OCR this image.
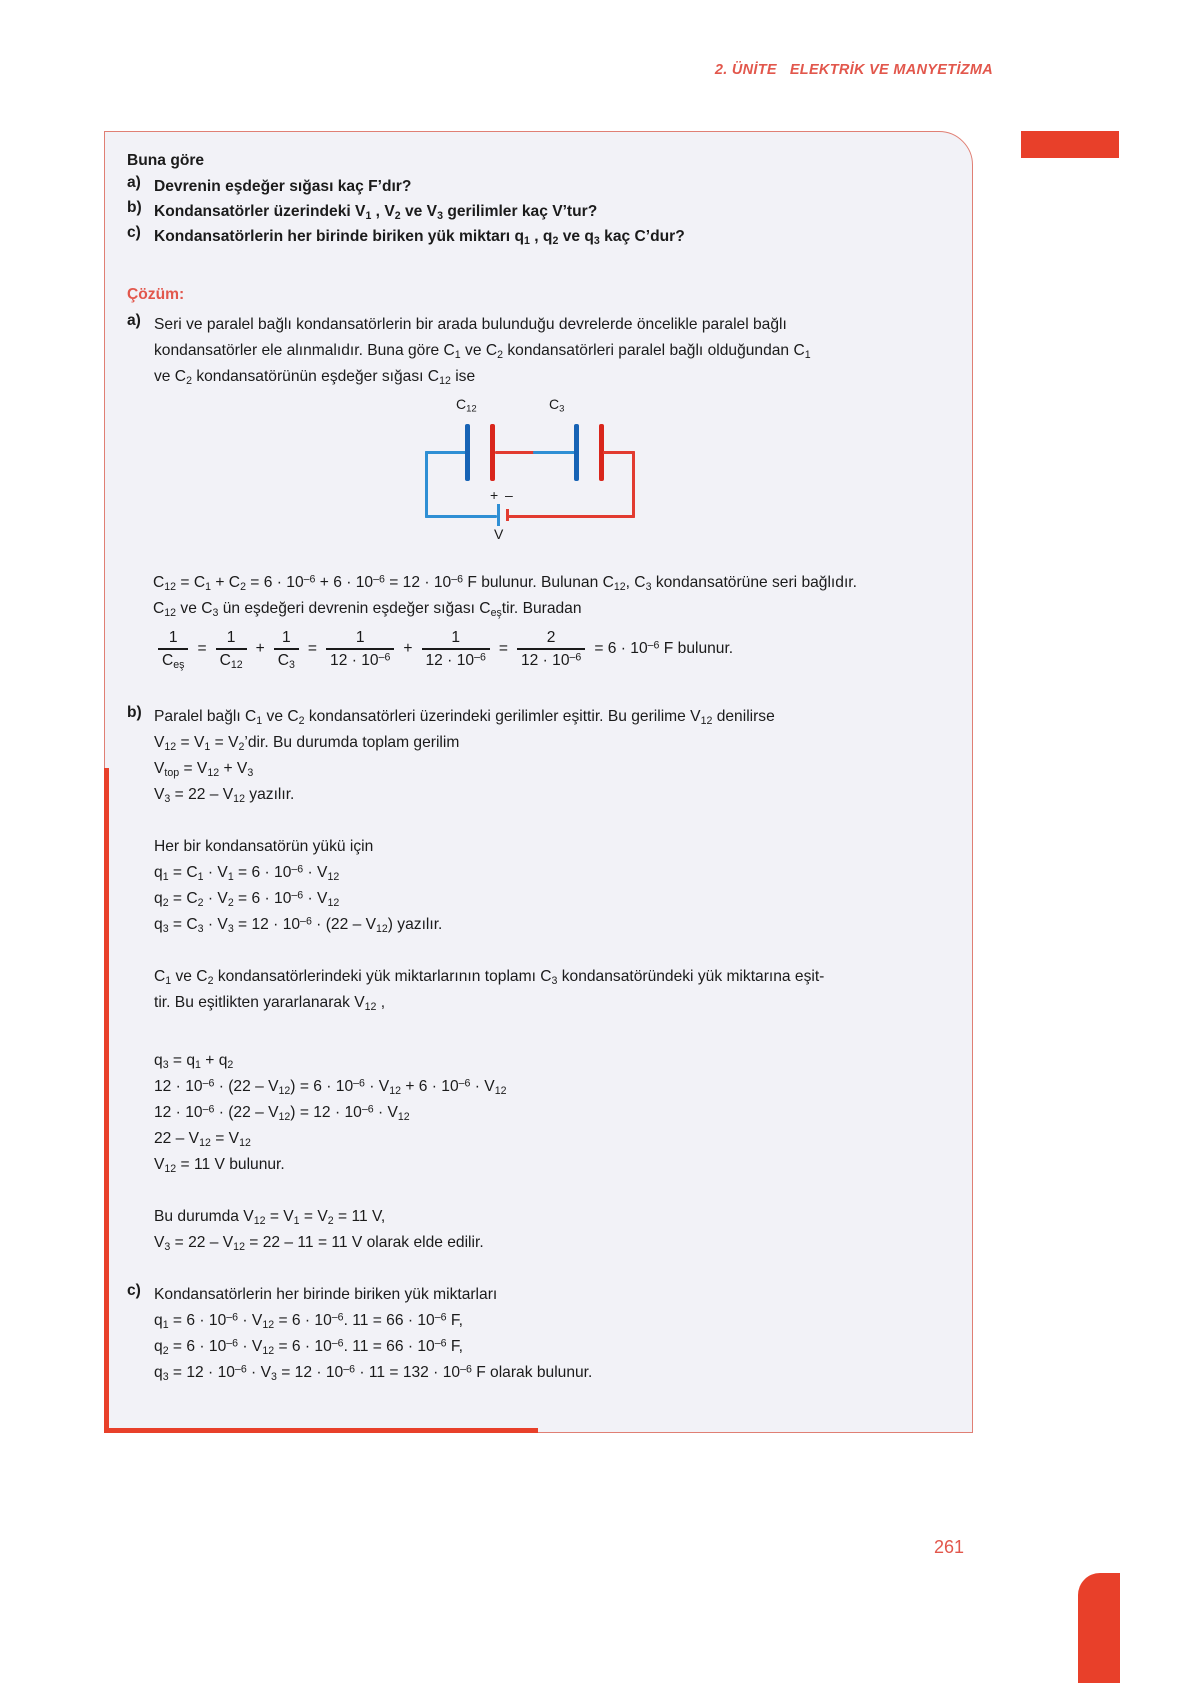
2. ÜNİTE   ELEKTRİK VE MANYETİZMA
Buna göre
a) Devrenin eşdeğer sığası kaç F’dır?
b) Kondansatörler üzerindeki $V_1$ , $V_2$ ve $V_3$ gerilimler kaç V’tur?
c) Kondansatörlerin her birinde biriken yük miktarı $q_1$ , $q_2$ ve $q_3$ kaç C’dur?
Çözüm:
a) Seri ve paralel bağlı kondansatörlerin bir arada bulunduğu devrelerde öncelikle paralel bağlı
kondansatörler ele alınmalıdır. Buna göre $C_1$ ve $C_2$ kondansatörleri paralel bağlı olduğundan $C_1$
ve $C_2$ kondansatörünün eşdeğer sığası $C_{12}$ ise
$C_{12}$	$C_3$
+ –
V
$C_{12} = C_1 + C_2 = 6 \cdot 10^{-6} + 6 \cdot 10^{-6} = 12 \cdot 10^{-6}$ F bulunur. Bulunan $C_{12}$, $C_3$ kondansatörüne seri bağlıdır.
$C_{12}$ ve $C_3$ ün eşdeğeri devrenin eşdeğer sığası $C_{eş}tir$. Buradan
$\frac{1}{C_{eş}} = \frac{1}{C_{12}} + \frac{1}{C_3} = \frac{1}{12 \cdot 10^{-6}} + \frac{1}{12 \cdot 10^{-6}} = \frac{2}{12 \cdot 10^{-6}} = 6 \cdot 10^{-6}$ F bulunur.
b) Paralel bağlı $C_1$ ve $C_2$ kondansatörleri üzerindeki gerilimler eşittir. Bu gerilime $V_{12}$ denilirse
$V_{12} = V_1$ = $V_2’dir$. Bu durumda toplam gerilim
$V_{top} = V_{12} + V_3$
$V_3 = 22 - V_{12}$ yazılır.
Her bir kondansatörün yükü için
$q_1 = C_1 \cdot V_1 = 6 \cdot 10^{-6} \cdot V_{12}$
$q_2 = C_2 \cdot V_2 = 6 \cdot 10^{-6} \cdot V_{12}$
$q_3 = C_3 \cdot V_3 = 12 \cdot 10^{-6} \cdot (22 - V_{12})$ yazılır.
$C_1$ ve $C_2$ kondansatörlerindeki yük miktarlarının toplamı $C_3$ kondansatöründeki yük miktarına eşit-
tir. Bu eşitlikten yararlanarak $V_{12}$ ,
$q_3 = q_1 + q_2$
$12 \cdot 10^{-6} \cdot (22 - V_{12}) = 6 \cdot 10^{-6} \cdot V_{12} + 6 \cdot 10^{-6} \cdot V_{12}$
$12 \cdot 10^{-6} \cdot (22 - V_{12}) = 12 \cdot 10^{-6} \cdot V_{12}$
$22 - V_{12} = V_{12}$
$V_{12} = 11$ V bulunur.
Bu durumda $V_{12} = V_1 = V_2 = 11$ V,
$V_3 = 22 - V_{12} = 22 - 11 = 11$ V olarak elde edilir.
c) Kondansatörlerin her birinde biriken yük miktarları
$q_1 = 6 \cdot 10^{-6} \cdot V_{12} = 6 \cdot 10^{-6}$. $11 = 66 \cdot 10^{-6}$ F,
$q_2 = 6 \cdot 10^{-6} \cdot V_{12} = 6 \cdot 10^{-6}$. $11 = 66 \cdot 10^{-6}$ F,
$q_3 = 12 \cdot 10^{-6} \cdot V_3 = 12 \cdot 10^{-6} \cdot 11 = 132 \cdot 10^{-6}$ F olarak bulunur.
261
